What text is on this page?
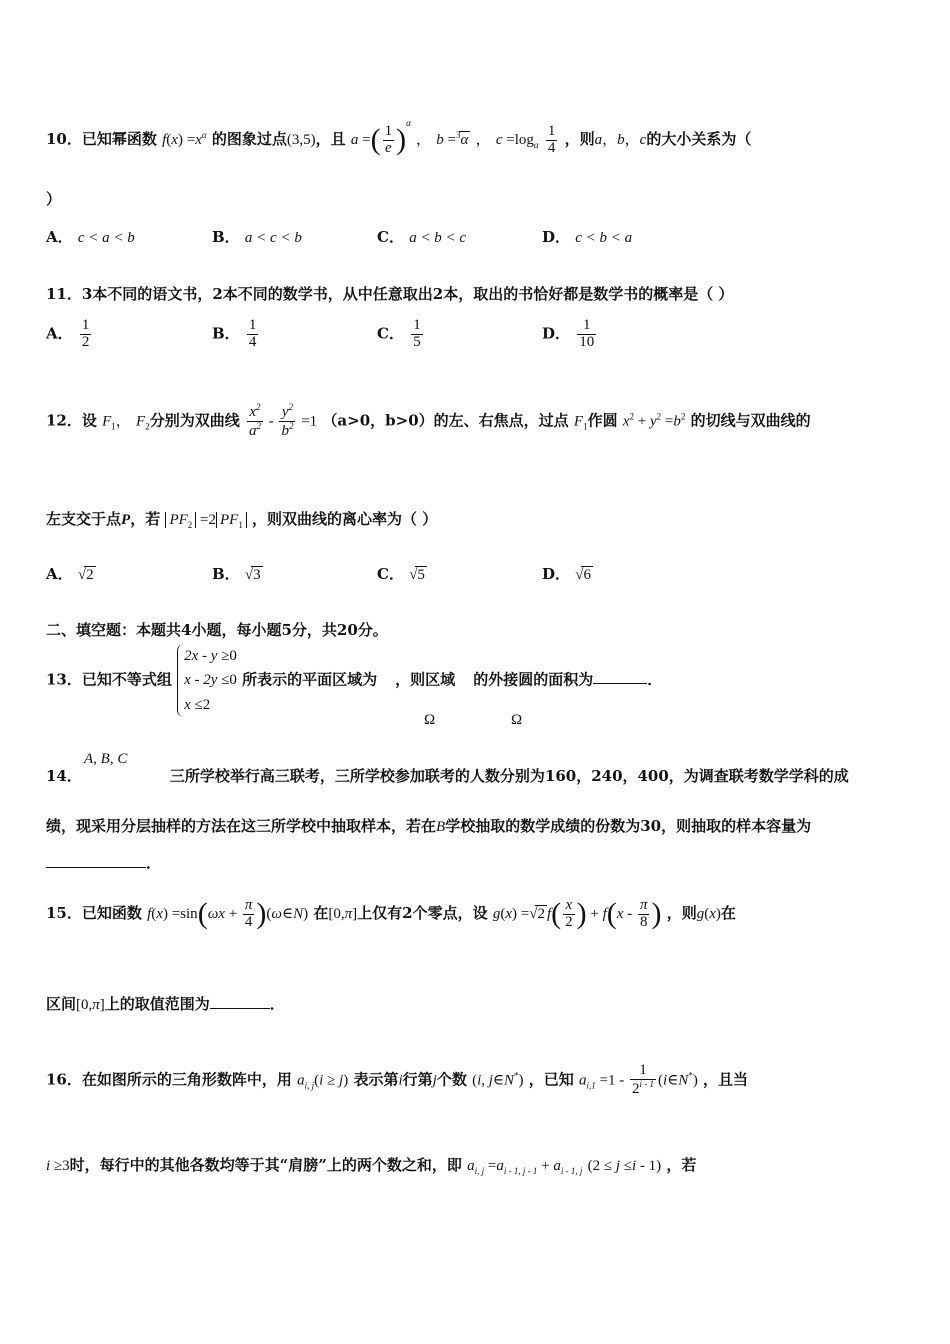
10．已知幂函数 $f(x) =x^\alpha$ 的图象过点(3,5)，且 a =( $\frac{1}{e} )^\alpha$ ， b =$^3$α ， $c =\log_\alpha \frac{1}{4}$ ，则a，b，c的大小关系为（
）
A． c < a < b	B． a < c < b	C． a < b < c	D． c < b < a
11．3本不同的语文书，2本不同的数学书，从中任意取出2本，取出的书恰好都是数学书的概率是（ ）
A． $\frac{1}{2}$	B． $\frac{1}{4}$	C． $\frac{1}{5}$	D． $\frac{1}{10}$
12．设 $F_1$， $F_2$分别为双曲线 $\frac{x^2}{a^2} - \frac{y^2}{b^2} =1$ （a>0，b>0）的左、右焦点，过点 $F_1$作圆 $x^2 + y^2 =b^2$ 的切线与双曲线的
左支交于点P，若 $PF_2 =2$ $PF_1$ ，则双曲线的离心率为（ ）
A． √2	B． √3	C． √5	D． √6
二、填空题：本题共4小题，每小题5分，共20分。
13．已知不等式组 2x - y ≥0
x - 2y ≤0
x ≤2 所表示的平面区域为 ，则区域 的外接圆的面积为	．
Ω	Ω
A, B, C
14．	三所学校举行高三联考，三所学校参加联考的人数分别为160，240，400，为调查联考数学学科的成
绩，现采用分层抽样的方法在这三所学校中抽取样本，若在B学校抽取的数学成绩的份数为30，则抽取的样本容量为
．
15．已知函数 $f(x) =\sin(\omega x + \frac{\pi}{4}$ )(ω∈N) 在[0,π]上仅有2个零点，设 g(x) =√2 $f( \frac{x}{2}$ ) + $f(x - \frac{\pi}{8}$ ) ，则g(x)在
区间[0,π]上的取值范围为	．
16．在如图所示的三角形数阵中，用 $a_{i, j}(i \ge j)$ 表示第i行第j个数 (i, j∈N*) ，已知 $a_{i,1} =1 - \frac{1}{2^{i - 1}}$ (i∈N*) ，且当
i ≥3时，每行中的其他各数均等于其“肩膀”上的两个数之和，即 $a_{i, j} =a_{i - 1, j - 1} + a_{i - 1, j}$ (2 ≤ j ≤i - 1) ，若
